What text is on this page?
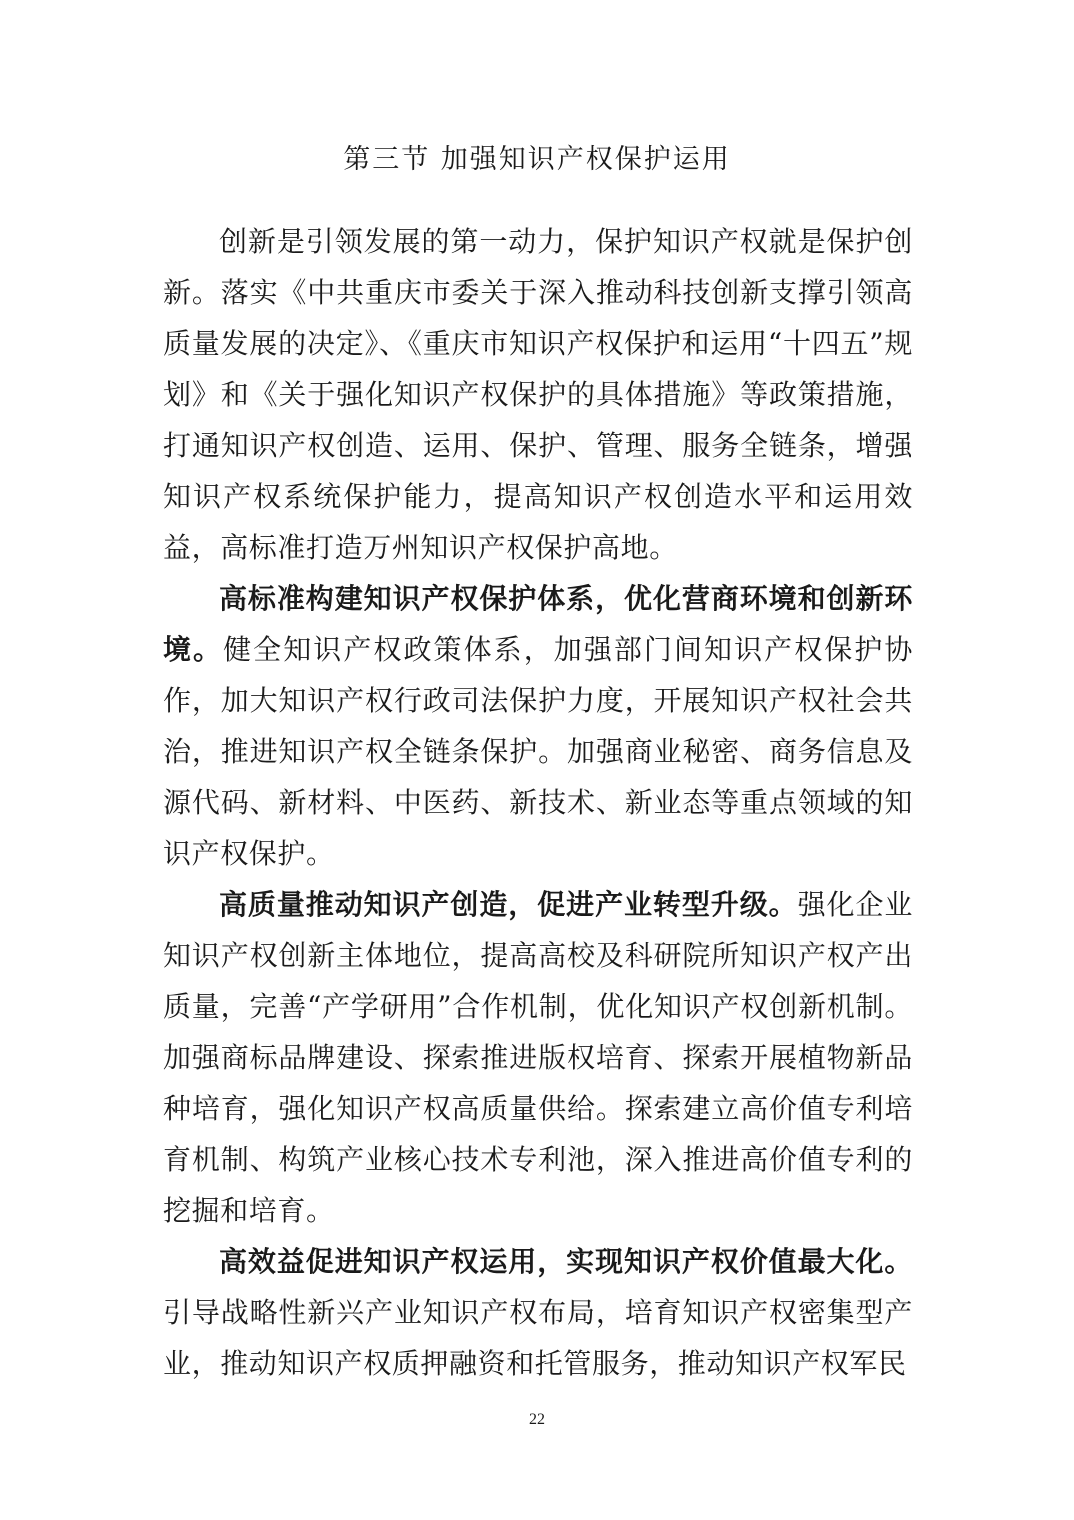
第三节 加强知识产权保护运用

创新是引领发展的第一动力，保护知识产权就是保护创新。落实《中共重庆市委关于深入推动科技创新支撑引领高质量发展的决定》、《重庆市知识产权保护和运用“十四五”规划》和《关于强化知识产权保护的具体措施》等政策措施，打通知识产权创造、运用、保护、管理、服务全链条，增强知识产权系统保护能力，提高知识产权创造水平和运用效益，高标准打造万州知识产权保护高地。

高标准构建知识产权保护体系，优化营商环境和创新环境。健全知识产权政策体系，加强部门间知识产权保护协作，加大知识产权行政司法保护力度，开展知识产权社会共治，推进知识产权全链条保护。加强商业秘密、商务信息及源代码、新材料、中医药、新技术、新业态等重点领域的知识产权保护。

高质量推动知识产创造，促进产业转型升级。强化企业知识产权创新主体地位，提高高校及科研院所知识产权产出质量，完善“产学研用”合作机制，优化知识产权创新机制。加强商标品牌建设、探索推进版权培育、探索开展植物新品种培育，强化知识产权高质量供给。探索建立高价值专利培育机制、构筑产业核心技术专利池，深入推进高价值专利的挖掘和培育。

高效益促进知识产权运用，实现知识产权价值最大化。引导战略性新兴产业知识产权布局，培育知识产权密集型产业，推动知识产权质押融资和托管服务，推动知识产权军民

22
